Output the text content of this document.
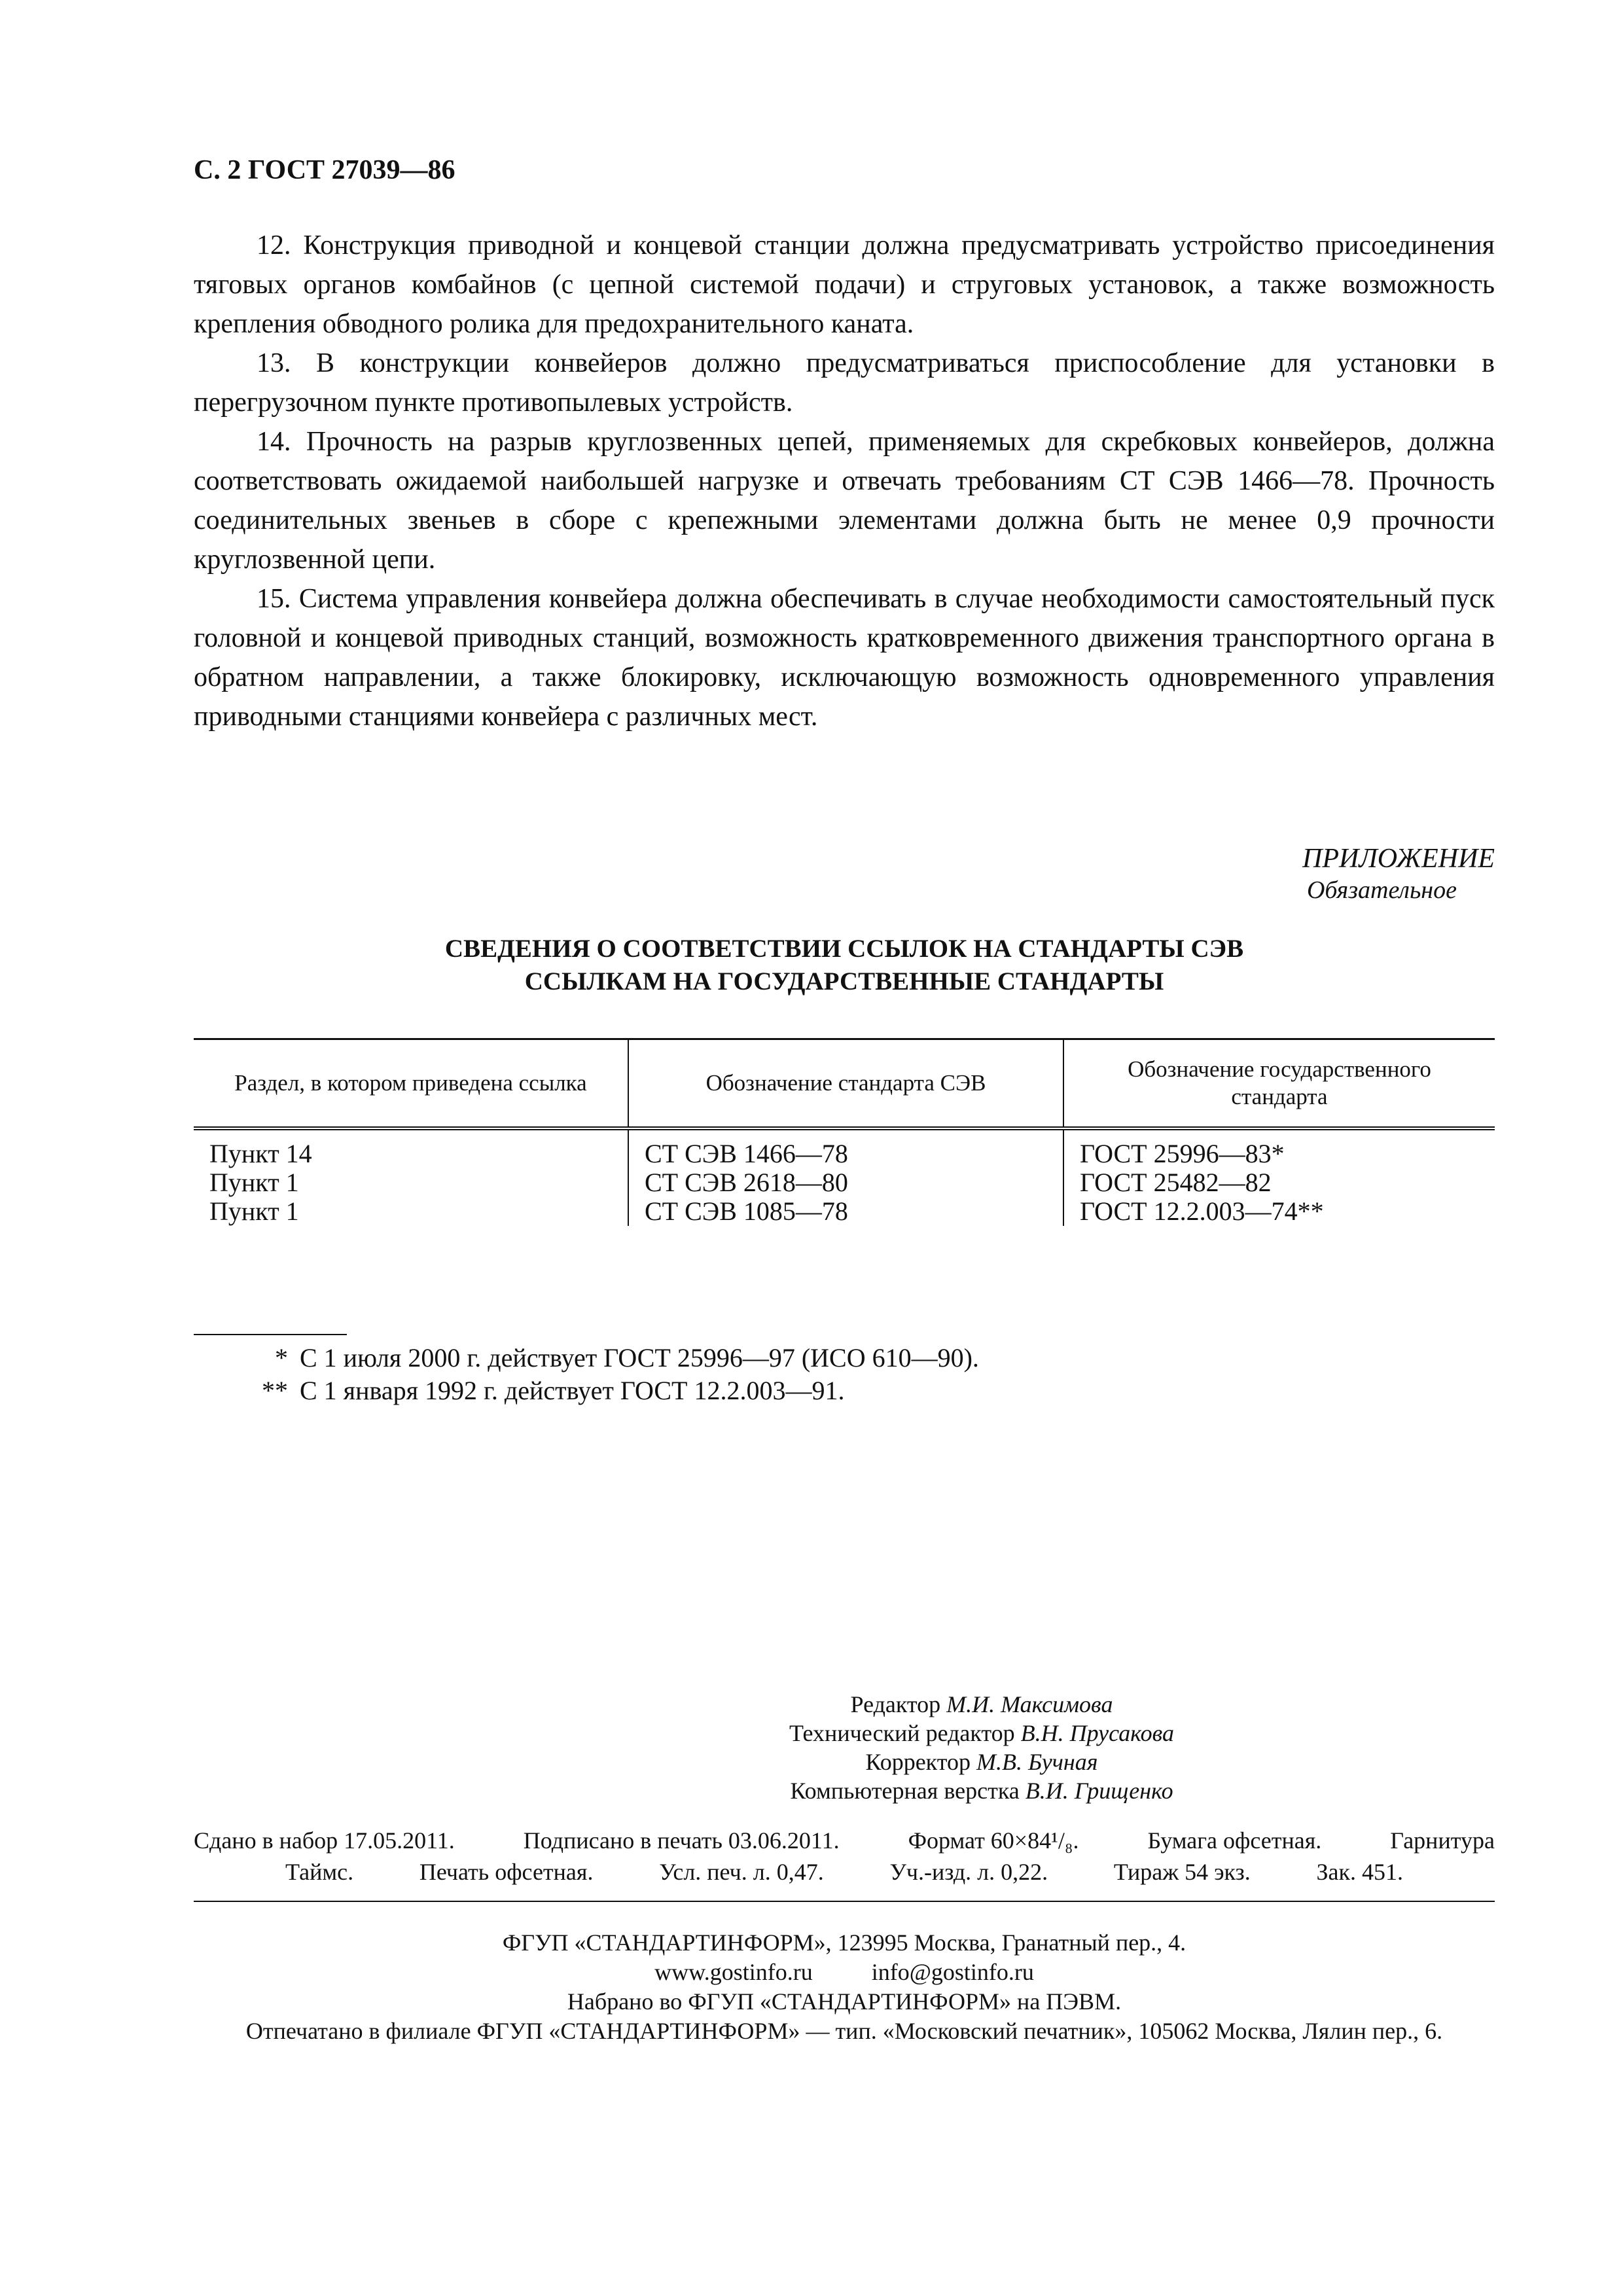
С. 2 ГОСТ 27039—86

12. Конструкция приводной и концевой станции должна предусматривать устройство присоединения тяговых органов комбайнов (с цепной системой подачи) и струговых установок, а также возможность крепления обводного ролика для предохранительного каната.

13. В конструкции конвейеров должно предусматриваться приспособление для установки в перегрузочном пункте противопылевых устройств.

14. Прочность на разрыв круглозвенных цепей, применяемых для скребковых конвейеров, должна соответствовать ожидаемой наибольшей нагрузке и отвечать требованиям СТ СЭВ 1466—78. Прочность соединительных звеньев в сборе с крепежными элементами должна быть не менее 0,9 прочности круглозвенной цепи.

15. Система управления конвейера должна обеспечивать в случае необходимости самостоятельный пуск головной и концевой приводных станций, возможность кратковременного движения транспортного органа в обратном направлении, а также блокировку, исключающую возможность одновременного управления приводными станциями конвейера с различных мест.

ПРИЛОЖЕНИЕ
Обязательное
СВЕДЕНИЯ О СООТВЕТСТВИИ ССЫЛОК НА СТАНДАРТЫ СЭВ
ССЫЛКАМ НА ГОСУДАРСТВЕННЫЕ СТАНДАРТЫ
Раздел, в котором приведена ссылка	Обозначение стандарта СЭВ	Обозначение государственного стандарта
Пункт 14	СТ СЭВ 1466—78	ГОСТ 25996—83*
Пункт 1	СТ СЭВ 2618—80	ГОСТ 25482—82
Пункт 1	СТ СЭВ 1085—78	ГОСТ 12.2.003—74**
* С 1 июля 2000 г. действует ГОСТ 25996—97 (ИСО 610—90).
** С 1 января 1992 г. действует ГОСТ 12.2.003—91.
Редактор М.И. Максимова
Технический редактор В.Н. Прусакова
Корректор М.В. Бучная
Компьютерная верстка В.И. Грищенко
Сдано в набор 17.05.2011.	Подписано в печать 03.06.2011.	Формат 60×84¹/₈.	Бумага офсетная.	Гарнитура
Таймс.	Печать офсетная.	Усл. печ. л. 0,47.	Уч.-изд. л. 0,22.	Тираж 54 экз.	Зак. 451.
ФГУП «СТАНДАРТИНФОРМ», 123995 Москва, Гранатный пер., 4.
www.gostinfo.ru	info@gostinfo.ru
Набрано во ФГУП «СТАНДАРТИНФОРМ» на ПЭВМ.
Отпечатано в филиале ФГУП «СТАНДАРТИНФОРМ» — тип. «Московский печатник», 105062 Москва, Лялин пер., 6.
